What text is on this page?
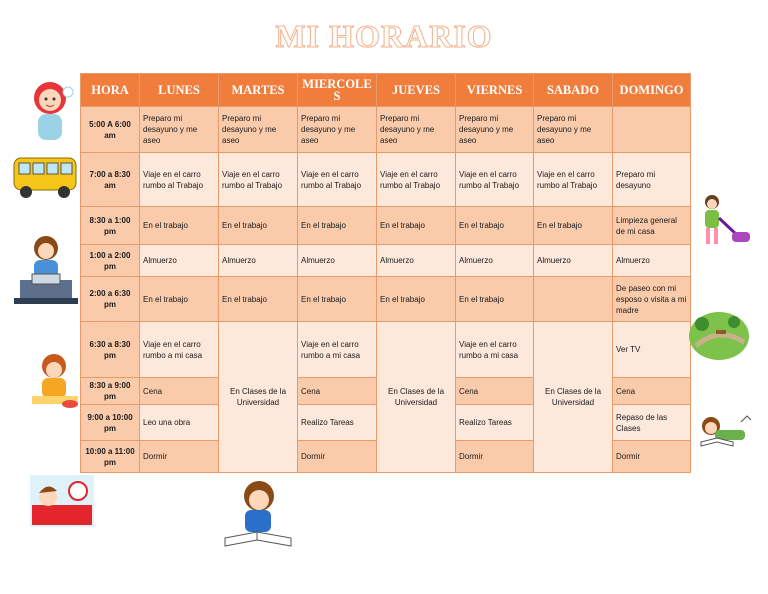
MI HORARIO
HORA	LUNES	MARTES	MIERCOLES	JUEVES	VIERNES	SABADO	DOMINGO
5:00 A 6:00 am	Preparo mi desayuno y me aseo	Preparo mi desayuno y me aseo	Preparo mi desayuno y me aseo	Preparo mi desayuno y me aseo	Preparo mi desayuno y me aseo	Preparo mi desayuno y me aseo	
7:00 a 8:30 am	Viaje en el carro rumbo al Trabajo	Viaje en el carro rumbo al Trabajo	Viaje en el carro rumbo al Trabajo	Viaje en el carro rumbo al Trabajo	Viaje en el carro rumbo al Trabajo	Viaje en el carro rumbo al Trabajo	Preparo mi desayuno
8:30 a 1:00 pm	En el trabajo	En el trabajo	En el trabajo	En el trabajo	En el trabajo	En el trabajo	Limpieza general de mi casa
1:00 a 2:00 pm	Almuerzo	Almuerzo	Almuerzo	Almuerzo	Almuerzo	Almuerzo	Almuerzo
2:00 a 6:30 pm	En el trabajo	En el trabajo	En el trabajo	En el trabajo	En el trabajo		De paseo con mi esposo o visita a mi madre
6:30 a 8:30 pm	Viaje en el carro rumbo a mi casa	En Clases de la Universidad	Viaje en el carro rumbo a mi casa	En Clases de la Universidad	Viaje en el carro rumbo a mi casa	En Clases de la Universidad	Ver TV
8:30 a 9:00 pm	Cena		Cena		Cena		Cena
9:00 a 10:00 pm	Leo una obra		Realizo Tareas		Realizo Tareas		Repaso de las Clases
10:00 a 11:00 pm	Dormir		Dormir		Dormir		Dormir
